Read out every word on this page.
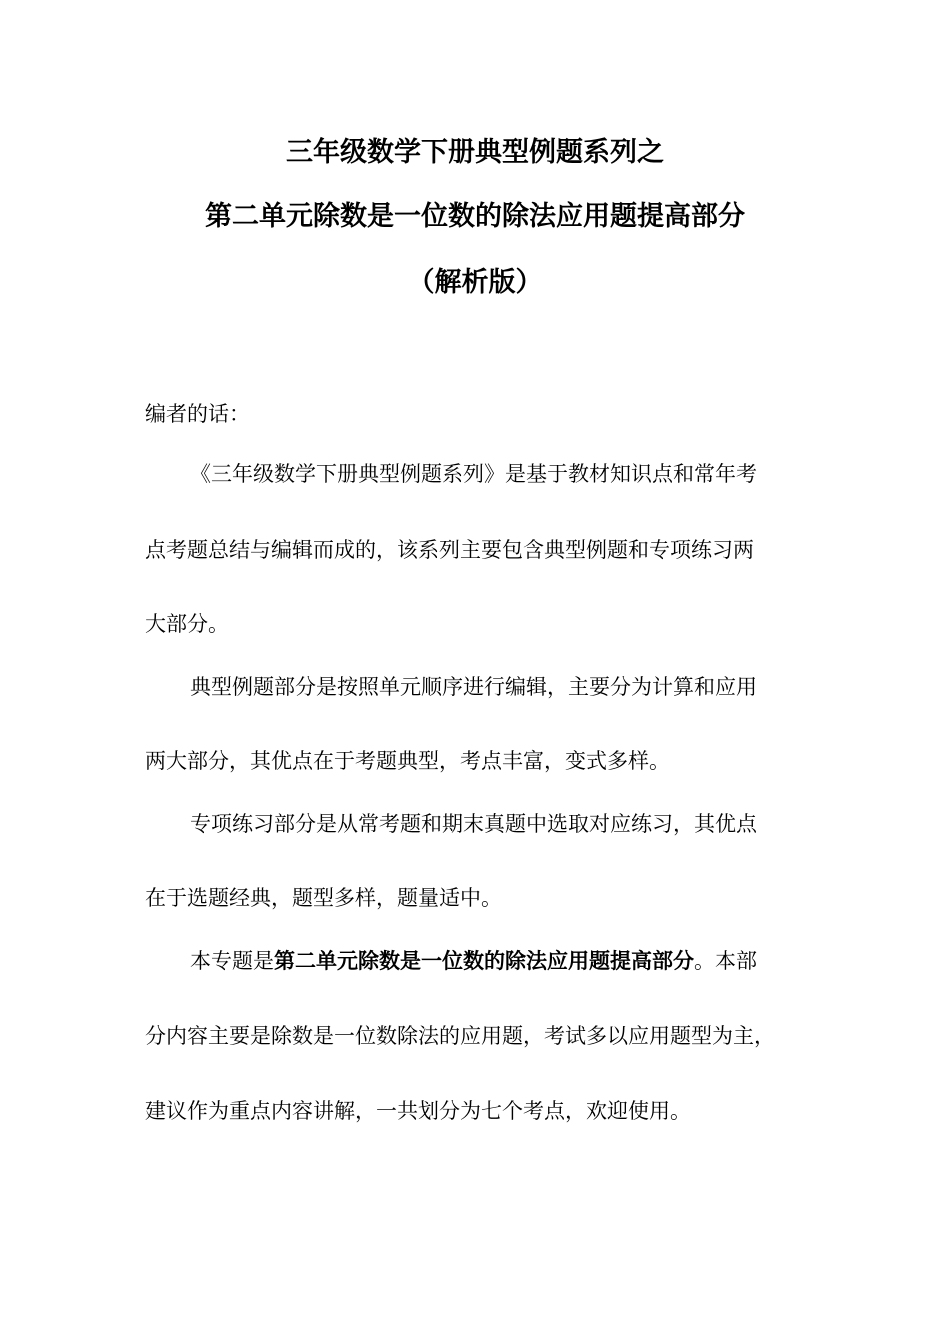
三年级数学下册典型例题系列之
第二单元除数是一位数的除法应用题提高部分
（解析版）

编者的话：

《三年级数学下册典型例题系列》是基于教材知识点和常年考

点考题总结与编辑而成的，该系列主要包含典型例题和专项练习两

大部分。

典型例题部分是按照单元顺序进行编辑，主要分为计算和应用

两大部分，其优点在于考题典型，考点丰富，变式多样。

专项练习部分是从常考题和期末真题中选取对应练习，其优点

在于选题经典，题型多样，题量适中。

本专题是第二单元除数是一位数的除法应用题提高部分。本部

分内容主要是除数是一位数除法的应用题，考试多以应用题型为主，

建议作为重点内容讲解，一共划分为七个考点，欢迎使用。
